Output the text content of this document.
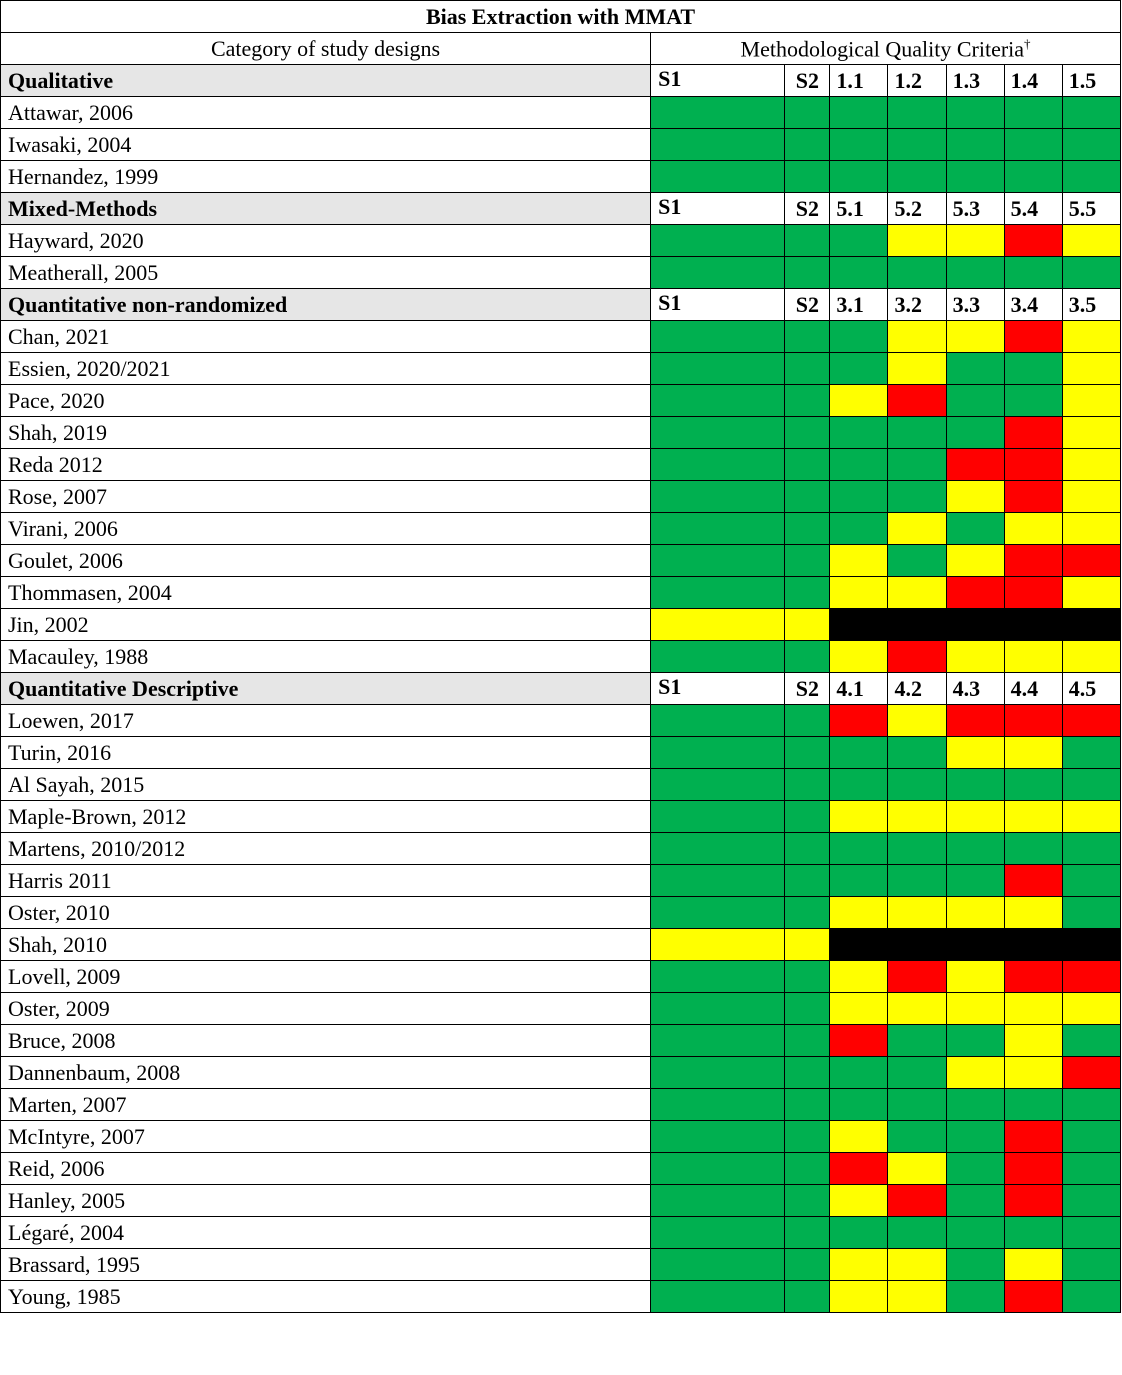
Bias Extraction with MMAT							
Category of study designs	Methodological Quality Criteria†
Qualitative	S1	S2	1.1	1.2	1.3	1.4	1.5
Attawar, 2006							
Iwasaki, 2004							
Hernandez, 1999							
Mixed-Methods	S1	S2	5.1	5.2	5.3	5.4	5.5
Hayward, 2020							
Meatherall, 2005							
Quantitative non-randomized	S1	S2	3.1	3.2	3.3	3.4	3.5
Chan, 2021							
Essien, 2020/2021							
Pace, 2020							
Shah, 2019							
Reda 2012							
Rose, 2007							
Virani, 2006							
Goulet, 2006							
Thommasen, 2004							
Jin, 2002							
Macauley, 1988							
Quantitative Descriptive	S1	S2	4.1	4.2	4.3	4.4	4.5
Loewen, 2017							
Turin, 2016							
Al Sayah, 2015							
Maple-Brown, 2012							
Martens, 2010/2012							
Harris 2011							
Oster, 2010							
Shah, 2010							
Lovell, 2009							
Oster, 2009							
Bruce, 2008							
Dannenbaum, 2008							
Marten, 2007							
McIntyre, 2007							
Reid, 2006							
Hanley, 2005							
Légaré, 2004							
Brassard, 1995							
Young, 1985							
